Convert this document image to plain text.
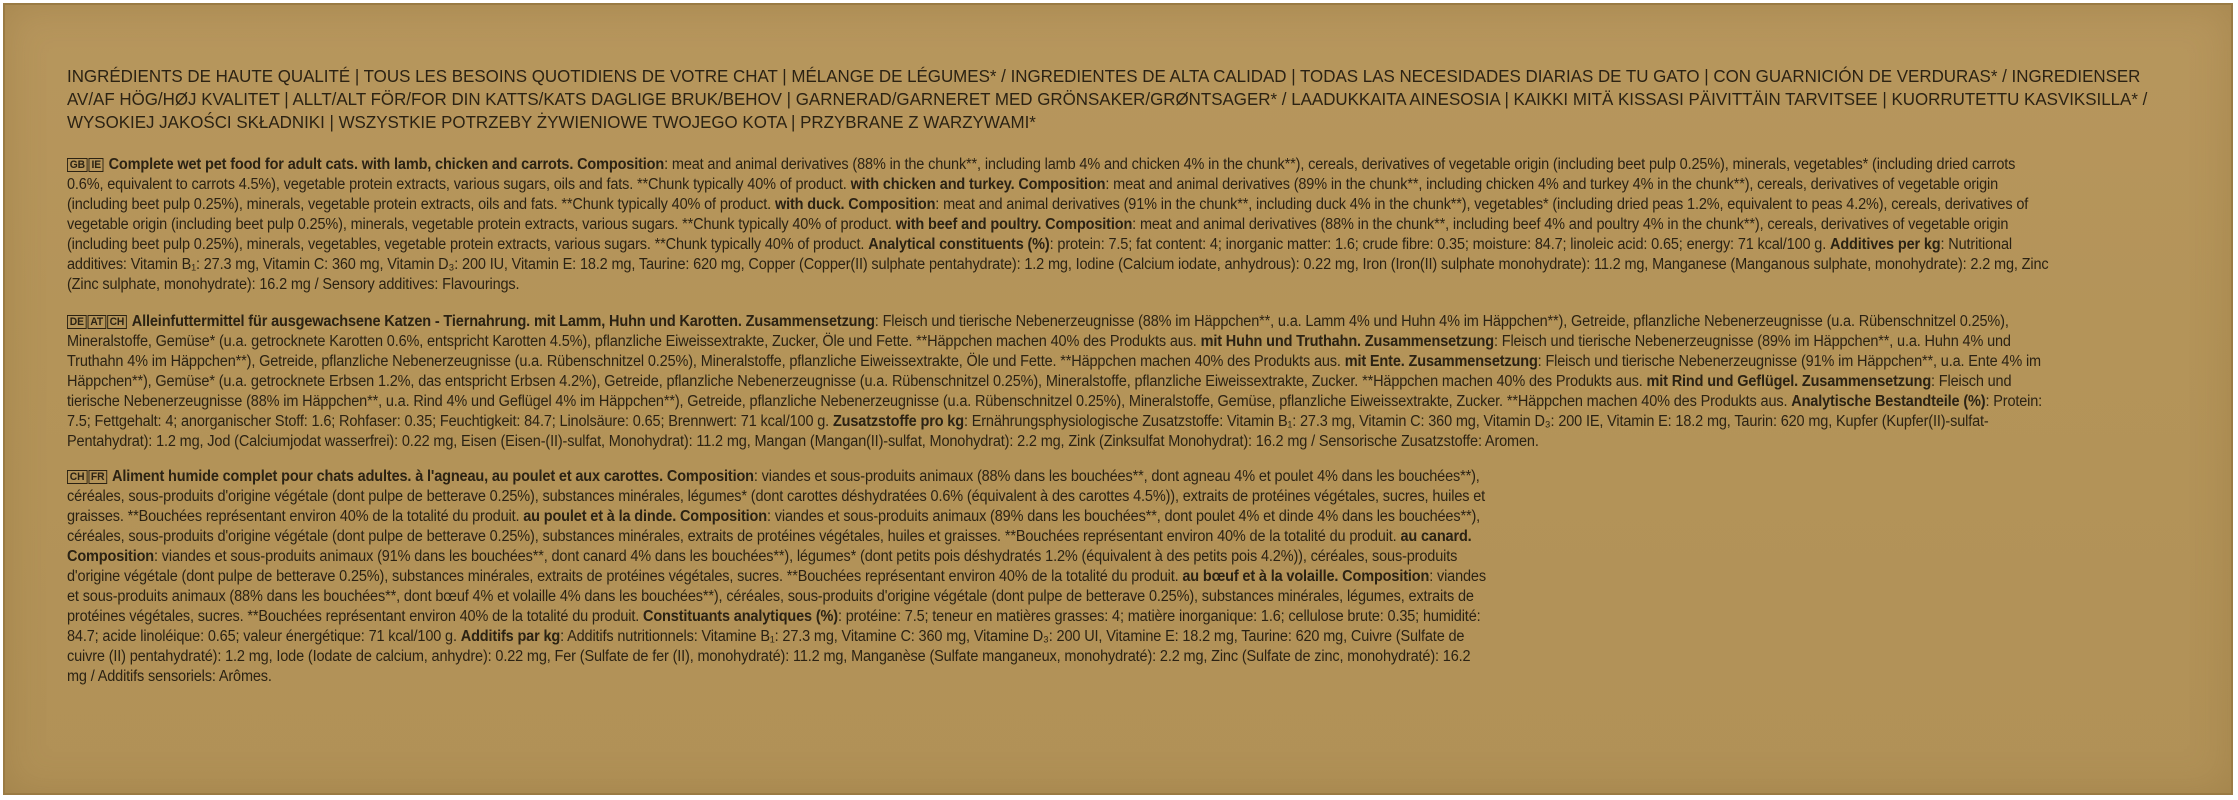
INGRÉDIENTS DE HAUTE QUALITÉ | TOUS LES BESOINS QUOTIDIENS DE VOTRE CHAT | MÉLANGE DE LÉGUMES* / INGREDIENTES DE ALTA CALIDAD | TODAS LAS NECESIDADES DIARIAS DE TU GATO | CON GUARNICIÓN DE VERDURAS* / INGREDIENSER AV/AF HÖG/HØJ KVALITET | ALLT/ALT FÖR/FOR DIN KATTS/KATS DAGLIGE BRUK/BEHOV | GARNERAD/GARNERET MED GRÖNSAKER/GRØNTSAGER* / LAADUKKAITA AINESOSIA | KAIKKI MITÄ KISSASI PÄIVITTÄIN TARVITSEE | KUORRUTETTU KASVIKSILLA* / WYSOKIEJ JAKOŚCI SKŁADNIKI | WSZYSTKIE POTRZEBY ŻYWIENIOWE TWOJEGO KOTA | PRZYBRANE Z WARZYWAMI*

GB IE Complete wet pet food for adult cats. with lamb, chicken and carrots. Composition: meat and animal derivatives (88% in the chunk**, including lamb 4% and chicken 4% in the chunk**), cereals, derivatives of vegetable origin (including beet pulp 0.25%), minerals, vegetables* (including dried carrots 0.6%, equivalent to carrots 4.5%), vegetable protein extracts, various sugars, oils and fats. **Chunk typically 40% of product. with chicken and turkey. Composition: meat and animal derivatives (89% in the chunk**, including chicken 4% and turkey 4% in the chunk**), cereals, derivatives of vegetable origin (including beet pulp 0.25%), minerals, vegetable protein extracts, oils and fats. **Chunk typically 40% of product. with duck. Composition: meat and animal derivatives (91% in the chunk**, including duck 4% in the chunk**), vegetables* (including dried peas 1.2%, equivalent to peas 4.2%), cereals, derivatives of vegetable origin (including beet pulp 0.25%), minerals, vegetable protein extracts, various sugars. **Chunk typically 40% of product. with beef and poultry. Composition: meat and animal derivatives (88% in the chunk**, including beef 4% and poultry 4% in the chunk**), cereals, derivatives of vegetable origin (including beet pulp 0.25%), minerals, vegetables, vegetable protein extracts, various sugars. **Chunk typically 40% of product. Analytical constituents (%): protein: 7.5; fat content: 4; inorganic matter: 1.6; crude fibre: 0.35; moisture: 84.7; linoleic acid: 0.65; energy: 71 kcal/100 g. Additives per kg: Nutritional additives: Vitamin B₁: 27.3 mg, Vitamin C: 360 mg, Vitamin D₃: 200 IU, Vitamin E: 18.2 mg, Taurine: 620 mg, Copper (Copper(II) sulphate pentahydrate): 1.2 mg, Iodine (Calcium iodate, anhydrous): 0.22 mg, Iron (Iron(II) sulphate monohydrate): 11.2 mg, Manganese (Manganous sulphate, monohydrate): 2.2 mg, Zinc (Zinc sulphate, monohydrate): 16.2 mg / Sensory additives: Flavourings.

DE AT CH Alleinfuttermittel für ausgewachsene Katzen - Tiernahrung. mit Lamm, Huhn und Karotten. Zusammensetzung: Fleisch und tierische Nebenerzeugnisse (88% im Häppchen**, u.a. Lamm 4% und Huhn 4% im Häppchen**), Getreide, pflanzliche Nebenerzeugnisse (u.a. Rübenschnitzel 0.25%), Mineralstoffe, Gemüse* (u.a. getrocknete Karotten 0.6%, entspricht Karotten 4.5%), pflanzliche Eiweissextrakte, Zucker, Öle und Fette. **Häppchen machen 40% des Produkts aus. mit Huhn und Truthahn. Zusammensetzung: Fleisch und tierische Nebenerzeugnisse (89% im Häppchen**, u.a. Huhn 4% und Truthahn 4% im Häppchen**), Getreide, pflanzliche Nebenerzeugnisse (u.a. Rübenschnitzel 0.25%), Mineralstoffe, pflanzliche Eiweissextrakte, Öle und Fette. **Häppchen machen 40% des Produkts aus. mit Ente. Zusammensetzung: Fleisch und tierische Nebenerzeugnisse (91% im Häppchen**, u.a. Ente 4% im Häppchen**), Gemüse* (u.a. getrocknete Erbsen 1.2%, das entspricht Erbsen 4.2%), Getreide, pflanzliche Nebenerzeugnisse (u.a. Rübenschnitzel 0.25%), Mineralstoffe, pflanzliche Eiweissextrakte, Zucker. **Häppchen machen 40% des Produkts aus. mit Rind und Geflügel. Zusammensetzung: Fleisch und tierische Nebenerzeugnisse (88% im Häppchen**, u.a. Rind 4% und Geflügel 4% im Häppchen**), Getreide, pflanzliche Nebenerzeugnisse (u.a. Rübenschnitzel 0.25%), Mineralstoffe, Gemüse, pflanzliche Eiweissextrakte, Zucker. **Häppchen machen 40% des Produkts aus. Analytische Bestandteile (%): Protein: 7.5; Fettgehalt: 4; anorganischer Stoff: 1.6; Rohfaser: 0.35; Feuchtigkeit: 84.7; Linolsäure: 0.65; Brennwert: 71 kcal/100 g. Zusatzstoffe pro kg: Ernährungsphysiologische Zusatzstoffe: Vitamin B₁: 27.3 mg, Vitamin C: 360 mg, Vitamin D₃: 200 IE, Vitamin E: 18.2 mg, Taurin: 620 mg, Kupfer (Kupfer(II)-sulfat-Pentahydrat): 1.2 mg, Jod (Calciumjodat wasserfrei): 0.22 mg, Eisen (Eisen-(II)-sulfat, Monohydrat): 11.2 mg, Mangan (Mangan(II)-sulfat, Monohydrat): 2.2 mg, Zink (Zinksulfat Monohydrat): 16.2 mg / Sensorische Zusatzstoffe: Aromen.

CH FR Aliment humide complet pour chats adultes. à l'agneau, au poulet et aux carottes. Composition: viandes et sous-produits animaux (88% dans les bouchées**, dont agneau 4% et poulet 4% dans les bouchées**), céréales, sous-produits d'origine végétale (dont pulpe de betterave 0.25%), substances minérales, légumes* (dont carottes déshydratées 0.6% (équivalent à des carottes 4.5%)), extraits de protéines végétales, sucres, huiles et graisses. **Bouchées représentant environ 40% de la totalité du produit. au poulet et à la dinde. Composition: viandes et sous-produits animaux (89% dans les bouchées**, dont poulet 4% et dinde 4% dans les bouchées**), céréales, sous-produits d'origine végétale (dont pulpe de betterave 0.25%), substances minérales, extraits de protéines végétales, huiles et graisses. **Bouchées représentant environ 40% de la totalité du produit. au canard. Composition: viandes et sous-produits animaux (91% dans les bouchées**, dont canard 4% dans les bouchées**), légumes* (dont petits pois déshydratés 1.2% (équivalent à des petits pois 4.2%)), céréales, sous-produits d'origine végétale (dont pulpe de betterave 0.25%), substances minérales, extraits de protéines végétales, sucres. **Bouchées représentant environ 40% de la totalité du produit. au bœuf et à la volaille. Composition: viandes et sous-produits animaux (88% dans les bouchées**, dont bœuf 4% et volaille 4% dans les bouchées**), céréales, sous-produits d'origine végétale (dont pulpe de betterave 0.25%), substances minérales, légumes, extraits de protéines végétales, sucres. **Bouchées représentant environ 40% de la totalité du produit. Constituants analytiques (%): protéine: 7.5; teneur en matières grasses: 4; matière inorganique: 1.6; cellulose brute: 0.35; humidité: 84.7; acide linoléique: 0.65; valeur énergétique: 71 kcal/100 g. Additifs par kg: Additifs nutritionnels: Vitamine B₁: 27.3 mg, Vitamine C: 360 mg, Vitamine D₃: 200 UI, Vitamine E: 18.2 mg, Taurine: 620 mg, Cuivre (Sulfate de cuivre (II) pentahydraté): 1.2 mg, Iode (Iodate de calcium, anhydre): 0.22 mg, Fer (Sulfate de fer (II), monohydraté): 11.2 mg, Manganèse (Sulfate manganeux, monohydraté): 2.2 mg, Zinc (Sulfate de zinc, monohydraté): 16.2 mg / Additifs sensoriels: Arômes.
